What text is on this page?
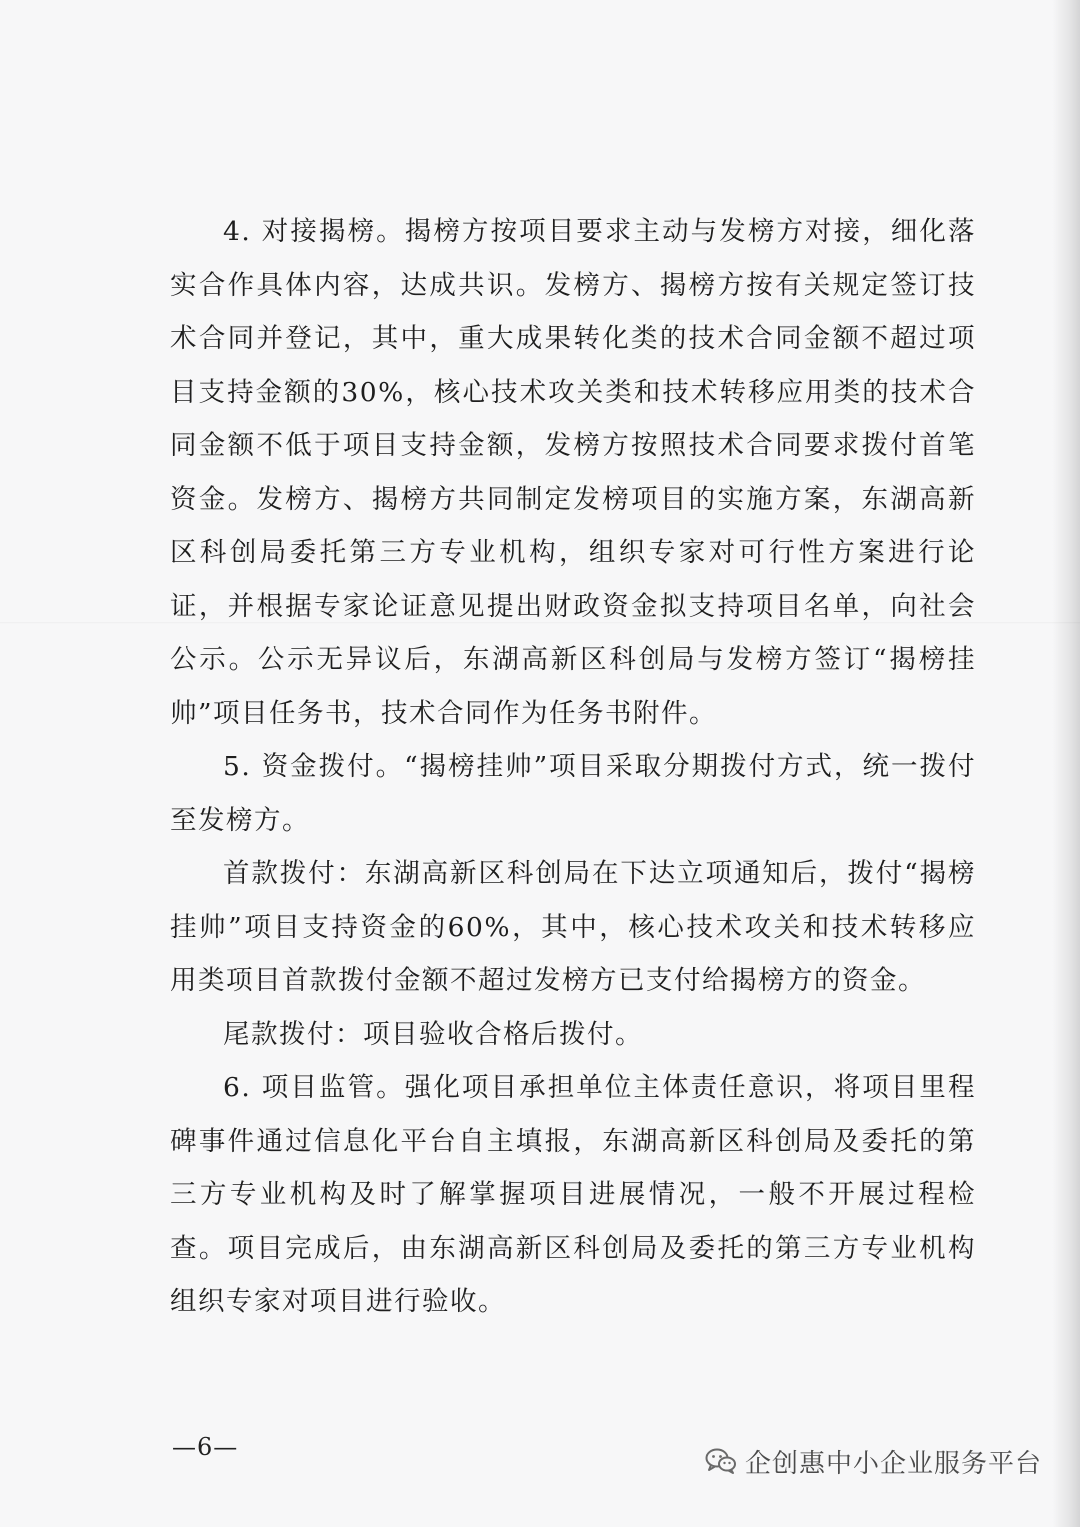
4. 对接揭榜。揭榜方按项目要求主动与发榜方对接，细化落实合作具体内容，达成共识。发榜方、揭榜方按有关规定签订技术合同并登记，其中，重大成果转化类的技术合同金额不超过项目支持金额的30%，核心技术攻关类和技术转移应用类的技术合同金额不低于项目支持金额，发榜方按照技术合同要求拨付首笔资金。发榜方、揭榜方共同制定发榜项目的实施方案，东湖高新区科创局委托第三方专业机构，组织专家对可行性方案进行论证，并根据专家论证意见提出财政资金拟支持项目名单，向社会公示。公示无异议后，东湖高新区科创局与发榜方签订“揭榜挂帅”项目任务书，技术合同作为任务书附件。

5. 资金拨付。“揭榜挂帅”项目采取分期拨付方式，统一拨付至发榜方。

首款拨付：东湖高新区科创局在下达立项通知后，拨付“揭榜挂帅”项目支持资金的60%，其中，核心技术攻关和技术转移应用类项目首款拨付金额不超过发榜方已支付给揭榜方的资金。

尾款拨付：项目验收合格后拨付。

6. 项目监管。强化项目承担单位主体责任意识，将项目里程碑事件通过信息化平台自主填报，东湖高新区科创局及委托的第三方专业机构及时了解掌握项目进展情况，一般不开展过程检查。项目完成后，由东湖高新区科创局及委托的第三方专业机构组织专家对项目进行验收。

—6—
企创惠中小企业服务平台
